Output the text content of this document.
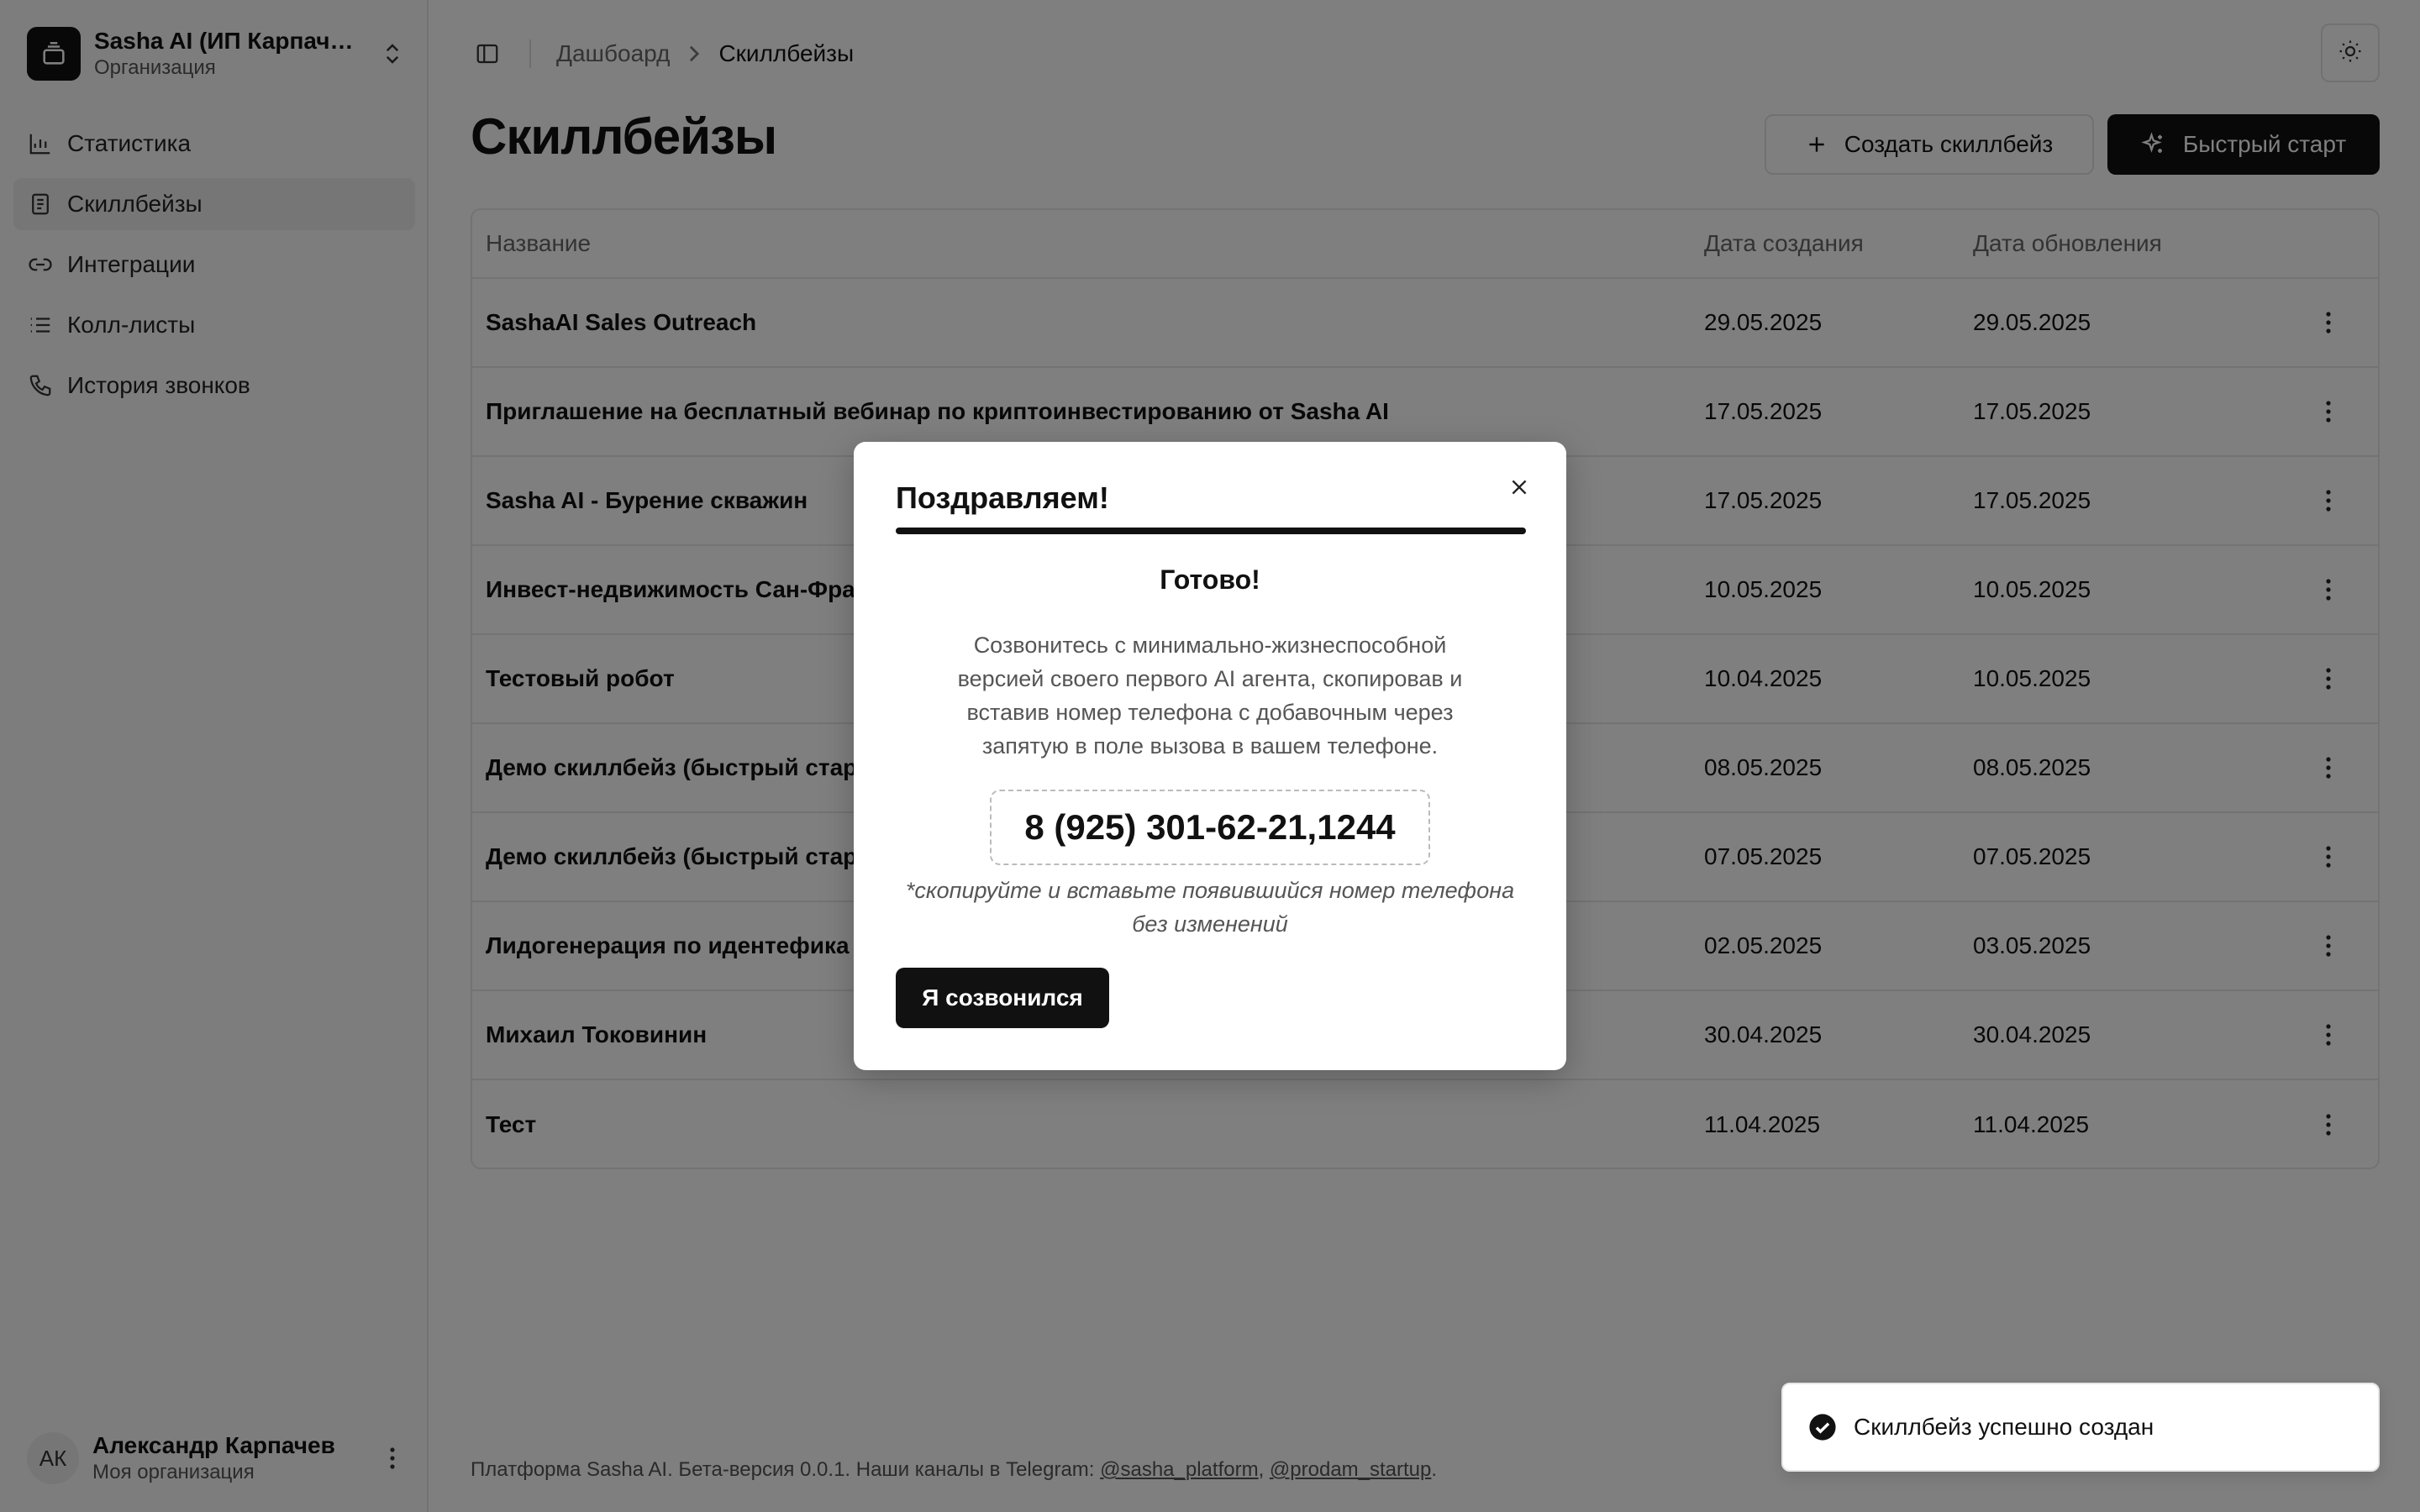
Скиллбейз успешно создан
Поздравляем!
Готово!
Созвонитесь с минимально-жизнеспособной версией своего первого AI агента, скопировав и вставив номер телефона с добавочным через запятую в поле вызова в вашем телефоне.
8 (925) 301-62-21,1244
*скопируйте и вставьте появившийся номер телефона без изменений
Я созвонился
